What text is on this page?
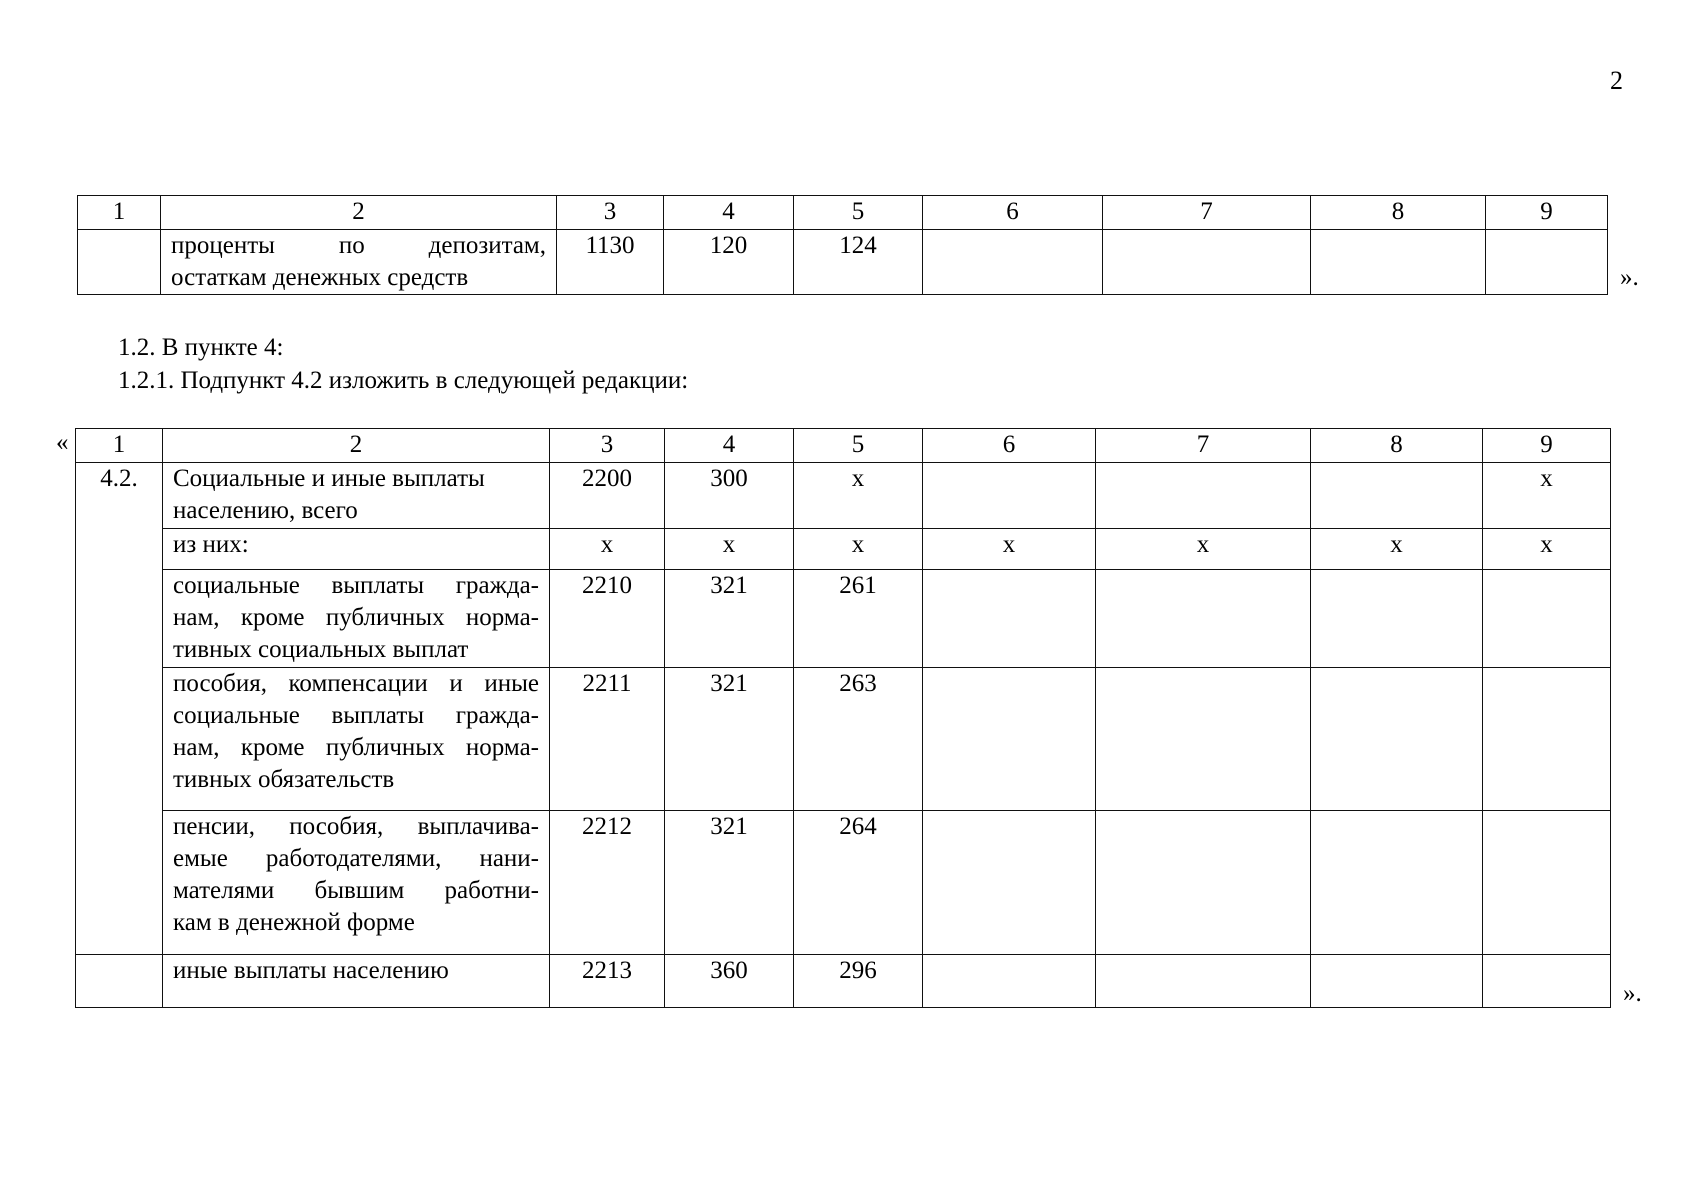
2
1	2	3	4	5	6	7	8	9

	проценты по депозитам,
остаткам денежных средств	1130	120	124				
».
1.2. В пункте 4:
1.2.1. Подпункт 4.2 изложить в следующей редакции:
« 1	2	3	4	5	6	7	8	9
4.2.	Социальные и иные выплаты
населению, всего	2200	300	x				x

	из них:	x	x	x	x	x	x	x

	социальные выплаты гражда-
нам, кроме публичных норма-
тивных социальных выплат	2210	321	261				

	пособия, компенсации и иные
социальные выплаты гражда-
нам, кроме публичных норма-
тивных обязательств	2211	321	263				

	пенсии, пособия, выплачива-
емые работодателями, нани-
мателями бывшим работни-
кам в денежной форме	2212	321	264				
	иные выплаты населению	2213	360	296				
».
